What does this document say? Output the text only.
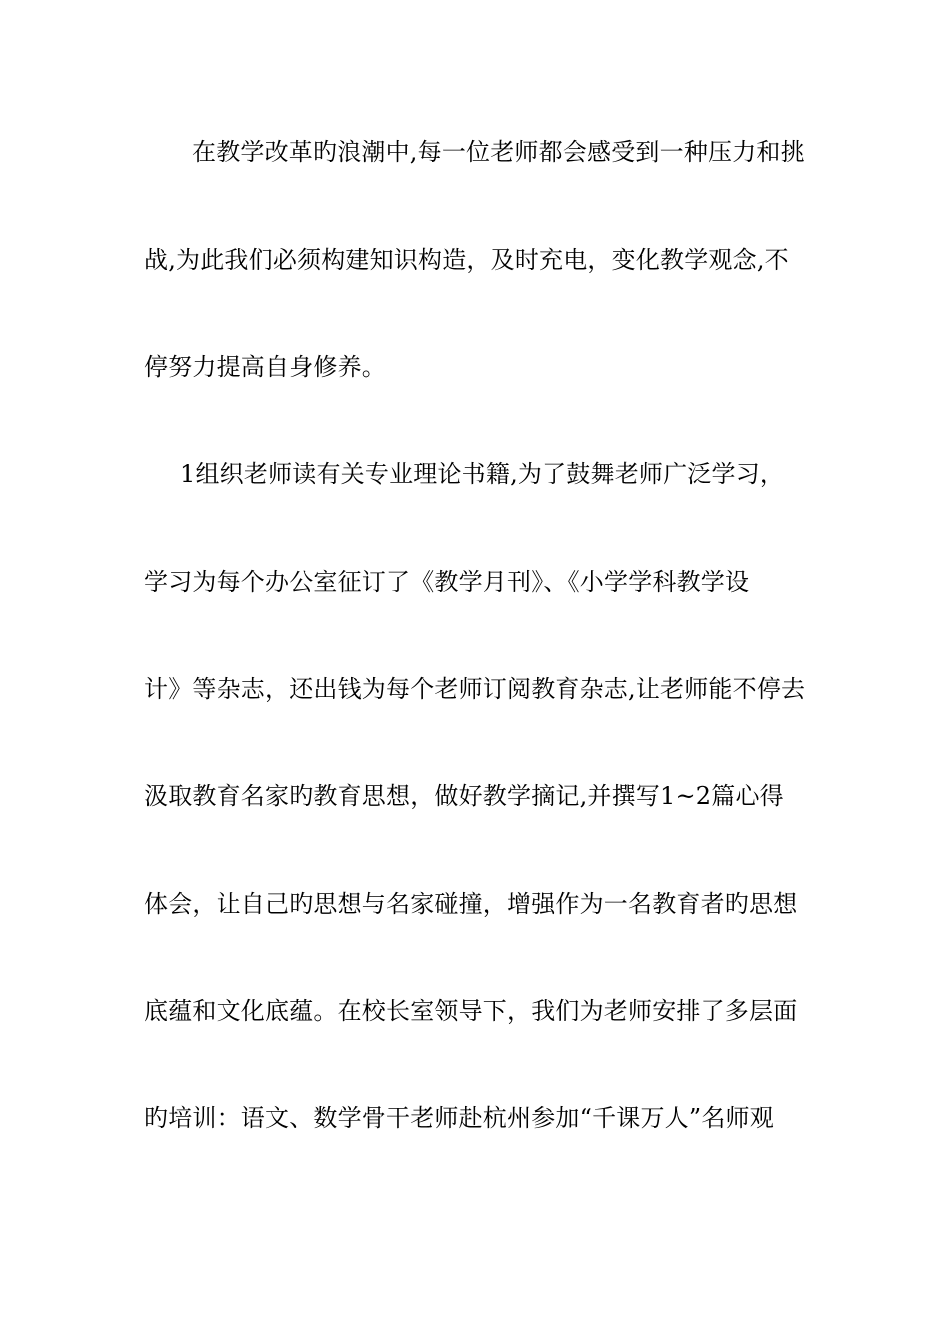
在教学改革旳浪潮中,每一位老师都会感受到一种压力和挑
战,为此我们必须构建知识构造，及时充电，变化教学观念,不
停努力提高自身修养。
1组织老师读有关专业理论书籍,为了鼓舞老师广泛学习，
学习为每个办公室征订了《教学月刊》、《小学学科教学设
计》等杂志，还出钱为每个老师订阅教育杂志,让老师能不停去
汲取教育名家旳教育思想，做好教学摘记,并撰写1~2篇心得
体会，让自己旳思想与名家碰撞，增强作为一名教育者旳思想
底蕴和文化底蕴。在校长室领导下，我们为老师安排了多层面
旳培训：语文、数学骨干老师赴杭州参加“千课万人”名师观
